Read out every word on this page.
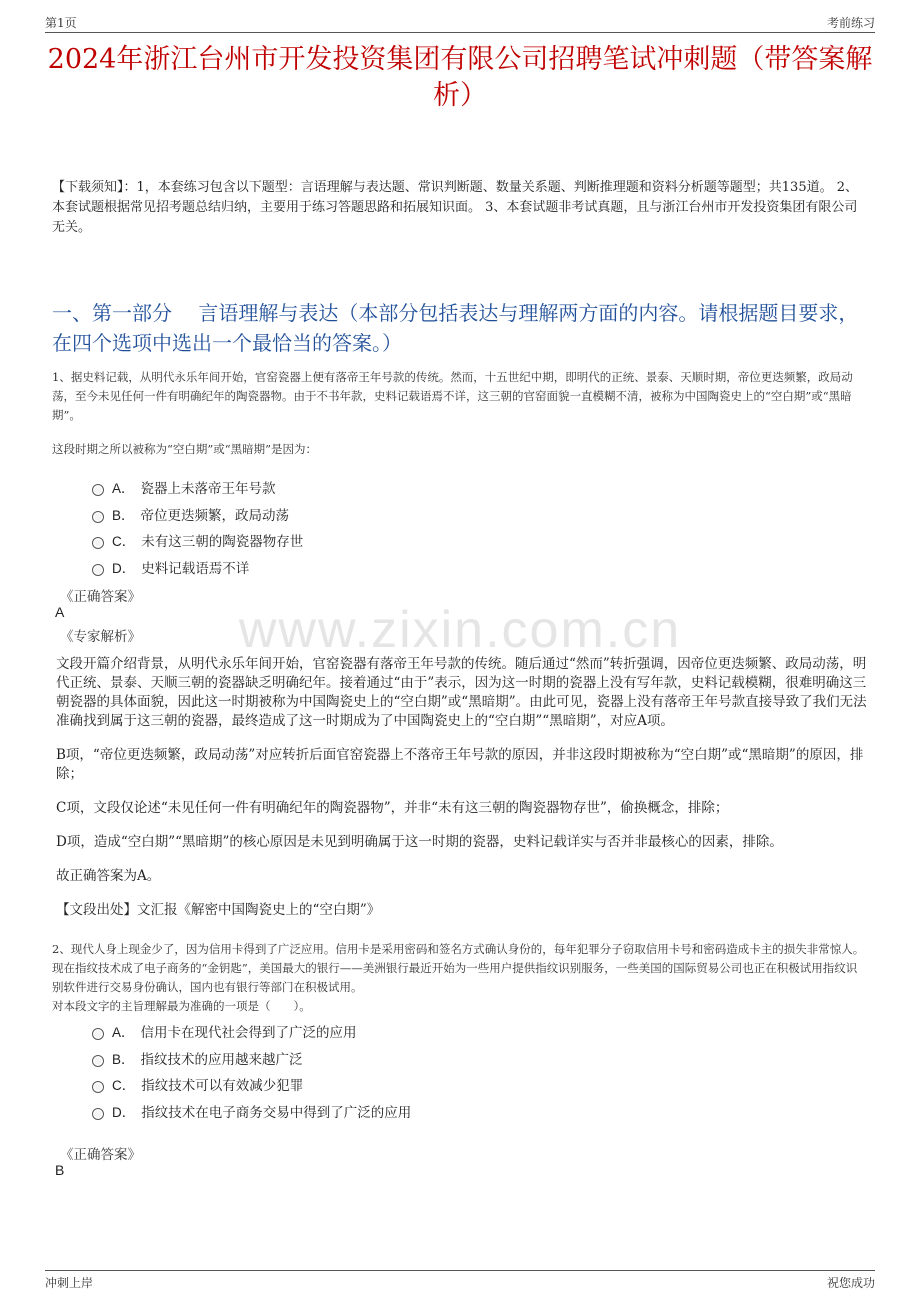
第1页	考前练习
www.zixin.com.cn
2024年浙江台州市开发投资集团有限公司招聘笔试冲刺题（带答案解析）
【下载须知】：1，本套练习包含以下题型：言语理解与表达题、常识判断题、数量关系题、判断推理题和资料分析题等题型；共135道。 2、本套试题根据常见招考题总结归纳，主要用于练习答题思路和拓展知识面。 3、本套试题非考试真题，且与浙江台州市开发投资集团有限公司无关。
一、第一部分　 言语理解与表达（本部分包括表达与理解两方面的内容。请根据题目要求，在四个选项中选出一个最恰当的答案。）
1、据史料记载，从明代永乐年间开始，官窑瓷器上便有落帝王年号款的传统。然而，十五世纪中期，即明代的正统、景泰、天顺时期，帝位更迭频繁，政局动荡，至今未见任何一件有明确纪年的陶瓷器物。由于不书年款，史料记载语焉不详，这三朝的官窑面貌一直模糊不清，被称为中国陶瓷史上的“空白期”或“黑暗期”。
这段时期之所以被称为“空白期”或“黑暗期”是因为：
A． 瓷器上未落帝王年号款
B． 帝位更迭频繁，政局动荡
C． 未有这三朝的陶瓷器物存世
D． 史料记载语焉不详
《正确答案》
A
《专家解析》

文段开篇介绍背景，从明代永乐年间开始，官窑瓷器有落帝王年号款的传统。随后通过“然而”转折强调，因帝位更迭频繁、政局动荡，明代正统、景泰、天顺三朝的瓷器缺乏明确纪年。接着通过“由于”表示，因为这一时期的瓷器上没有写年款，史料记载模糊，很难明确这三朝瓷器的具体面貌，因此这一时期被称为中国陶瓷史上的“空白期”或“黑暗期”。由此可见，瓷器上没有落帝王年号款直接导致了我们无法准确找到属于这三朝的瓷器，最终造成了这一时期成为了中国陶瓷史上的“空白期”“黑暗期”，对应A项。

B项，“帝位更迭频繁，政局动荡”对应转折后面官窑瓷器上不落帝王年号款的原因，并非这段时期被称为“空白期”或“黑暗期”的原因，排除；

C项，文段仅论述“未见任何一件有明确纪年的陶瓷器物”，并非“未有这三朝的陶瓷器物存世”，偷换概念，排除；

D项，造成“空白期”“黑暗期”的核心原因是未见到明确属于这一时期的瓷器，史料记载详实与否并非最核心的因素，排除。

故正确答案为A。

【文段出处】文汇报《解密中国陶瓷史上的“空白期”》

2、现代人身上现金少了，因为信用卡得到了广泛应用。信用卡是采用密码和签名方式确认身份的，每年犯罪分子窃取信用卡号和密码造成卡主的损失非常惊人。现在指纹技术成了电子商务的“金钥匙”，美国最大的银行——美洲银行最近开始为一些用户提供指纹识别服务，一些美国的国际贸易公司也正在积极试用指纹识别软件进行交易身份确认，国内也有银行等部门在积极试用。
对本段文字的主旨理解最为准确的一项是（　　）。
A． 信用卡在现代社会得到了广泛的应用
B． 指纹技术的应用越来越广泛
C． 指纹技术可以有效减少犯罪
D． 指纹技术在电子商务交易中得到了广泛的应用
《正确答案》
B
冲刺上岸	祝您成功
